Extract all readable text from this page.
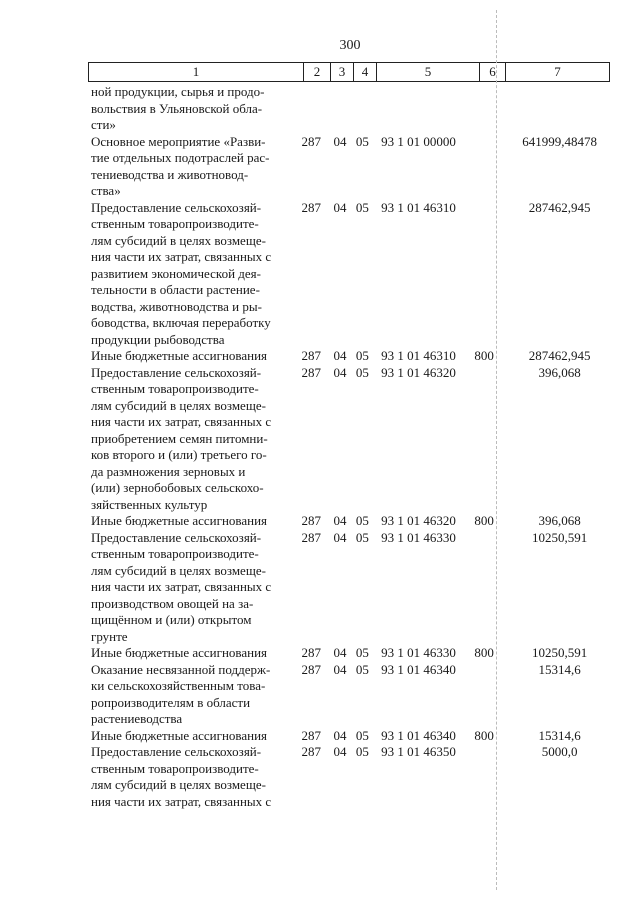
300
1	2	3	4	5	6	7
ной продукции, сырья и продо-
вольствия в Ульяновской обла-
сти»
Основное мероприятие «Разви-
тие отдельных подотраслей рас-
тениеводства и животновод-
ства»
287 04 05 93 1 01 00000	641999,48478
Предоставление сельскохозяй-
ственным товаропроизводите-
лям субсидий в целях возмеще-
ния части их затрат, связанных с
развитием экономической дея-
тельности в области растение-
водства, животноводства и ры-
боводства, включая переработку
продукции рыбоводства
287 04 05 93 1 01 46310	287462,945
Иные бюджетные ассигнования	287 04 05 93 1 01 46310	800	287462,945
Предоставление сельскохозяй-
ственным товаропроизводите-
лям субсидий в целях возмеще-
ния части их затрат, связанных с
приобретением семян питомни-
ков второго и (или) третьего го-
да размножения зерновых и
(или) зернобобовых сельскохо-
зяйственных культур
287 04 05 93 1 01 46320	396,068
Иные бюджетные ассигнования	287 04 05 93 1 01 46320	800	396,068
Предоставление сельскохозяй-
ственным товаропроизводите-
лям субсидий в целях возмеще-
ния части их затрат, связанных с
производством овощей на за-
щищённом и (или) открытом
грунте
287 04 05 93 1 01 46330	10250,591
Иные бюджетные ассигнования	287 04 05 93 1 01 46330	800	10250,591
Оказание несвязанной поддерж-
ки сельскохозяйственным това-
ропроизводителям в области
растениеводства
287 04 05 93 1 01 46340	15314,6
Иные бюджетные ассигнования	287 04 05 93 1 01 46340	800	15314,6
Предоставление сельскохозяй-
ственным товаропроизводите-
лям субсидий в целях возмеще-
ния части их затрат, связанных с
287 04 05 93 1 01 46350	5000,0
